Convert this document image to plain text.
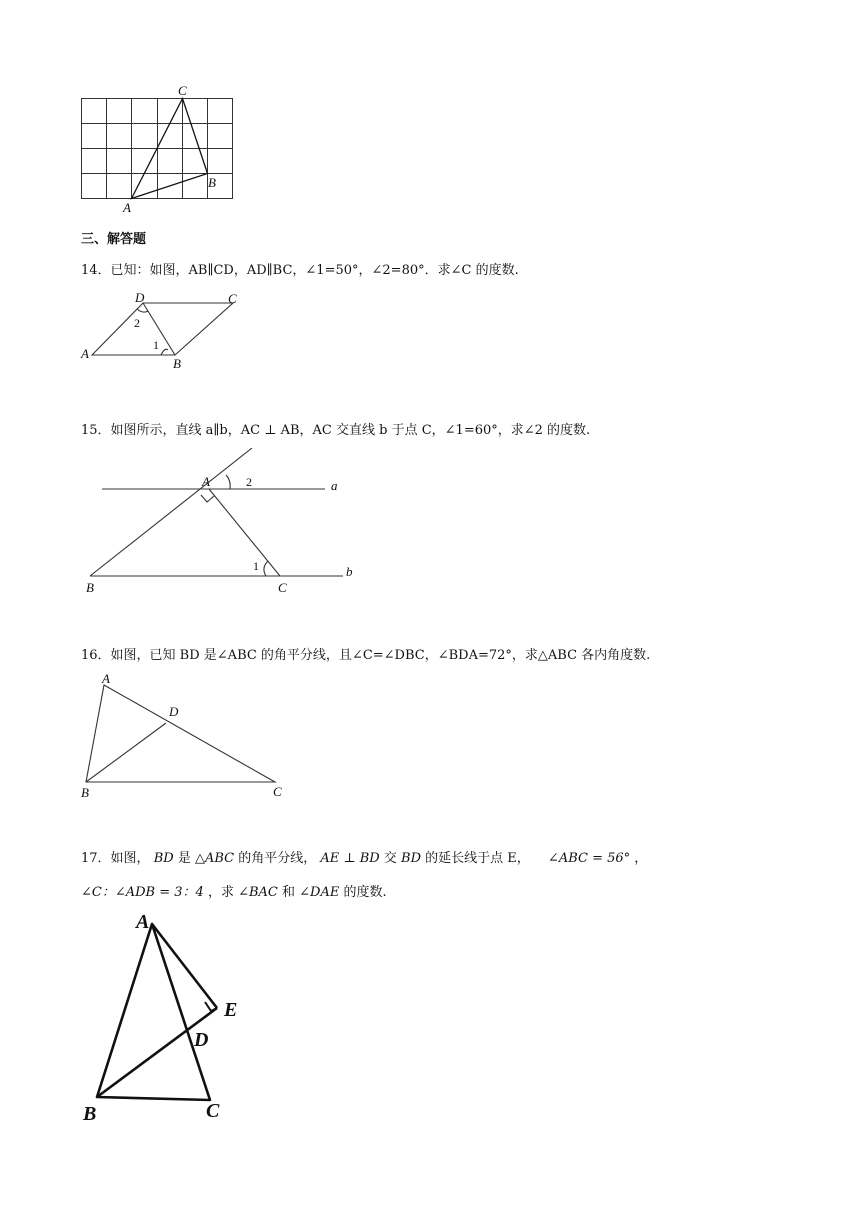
C
B
A
三、解答题
14．已知：如图，AB∥CD，AD∥BC，∠1=50°，∠2=80°．求∠C 的度数.
D	C
A
B
2
1
15．如图所示，直线 a∥b，AC ⊥ AB，AC 交直线 b 于点 C，∠1=60°，求∠2 的度数.
A	2	a
1	b
B	C
16．如图，已知 BD 是∠ABC 的角平分线，且∠C=∠DBC，∠BDA=72°，求△ABC 各内角度数.
A
D
B	C
17．如图， BD 是 △ABC 的角平分线， AE ⊥ BD 交 BD 的延长线于点 E， ∠ABC = 56° ，
∠C：∠ADB = 3：4 ，求 ∠BAC 和 ∠DAE 的度数.
A
E
D
B	C
